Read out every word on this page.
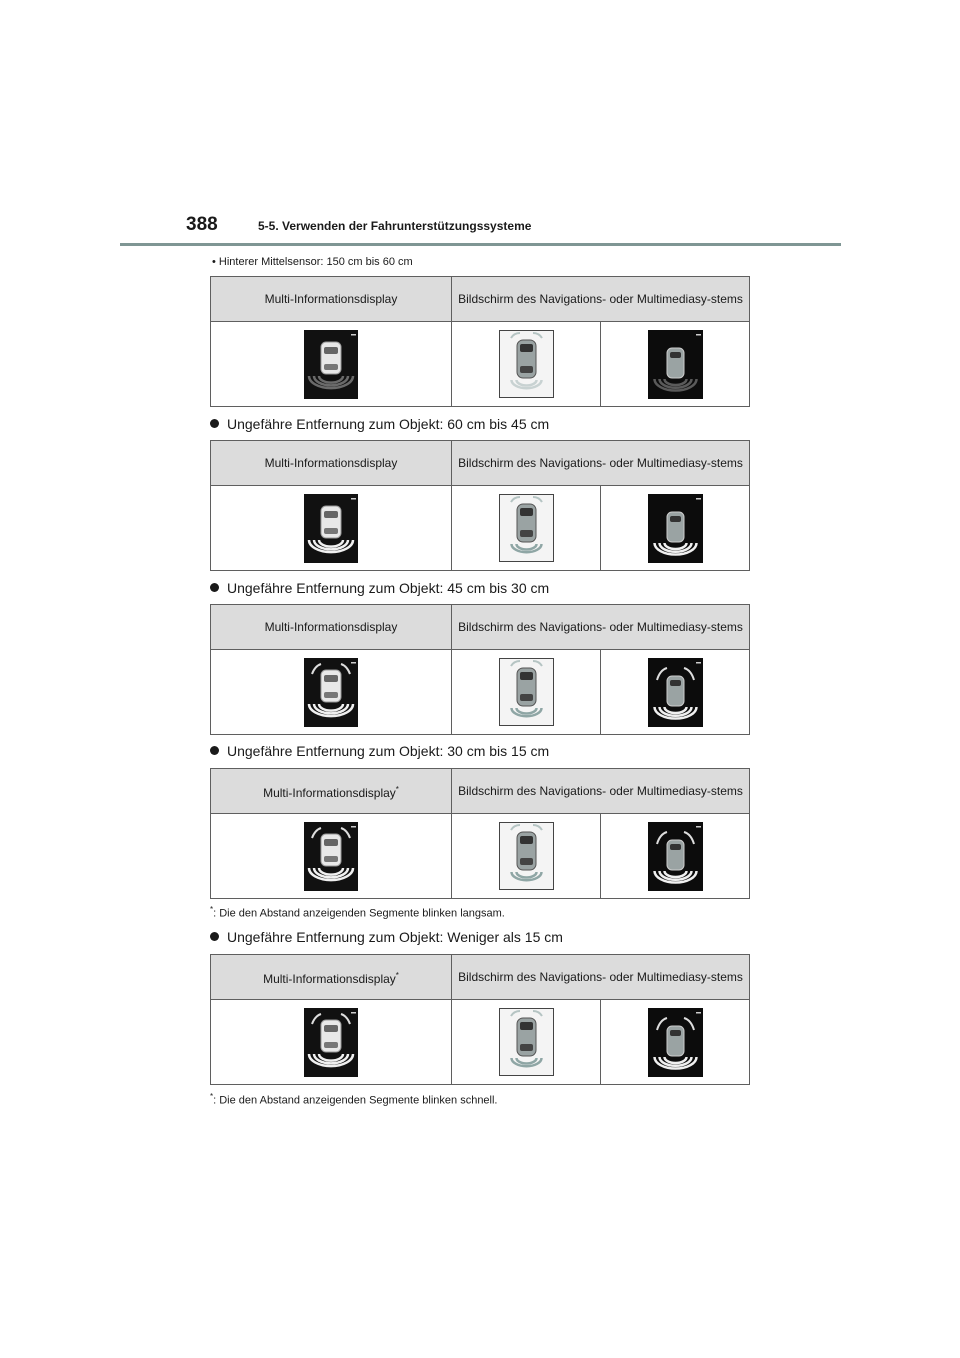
388	5-5. Verwenden der Fahrunterstützungssysteme
• Hinterer Mittelsensor: 150 cm bis 60 cm
Multi-Informationsdisplay	Bildschirm des Navigations- oder Multimediasy-stems	

Ungefähre Entfernung zum Objekt: 60 cm bis 45 cm
Multi-Informationsdisplay	Bildschirm des Navigations- oder Multimediasy-stems	

Ungefähre Entfernung zum Objekt: 45 cm bis 30 cm
Multi-Informationsdisplay	Bildschirm des Navigations- oder Multimediasy-stems	

Ungefähre Entfernung zum Objekt: 30 cm bis 15 cm
Multi-Informationsdisplay*	Bildschirm des Navigations- oder Multimediasy-stems	

*: Die den Abstand anzeigenden Segmente blinken langsam.
Ungefähre Entfernung zum Objekt: Weniger als 15 cm
Multi-Informationsdisplay*	Bildschirm des Navigations- oder Multimediasy-stems	

*: Die den Abstand anzeigenden Segmente blinken schnell.
